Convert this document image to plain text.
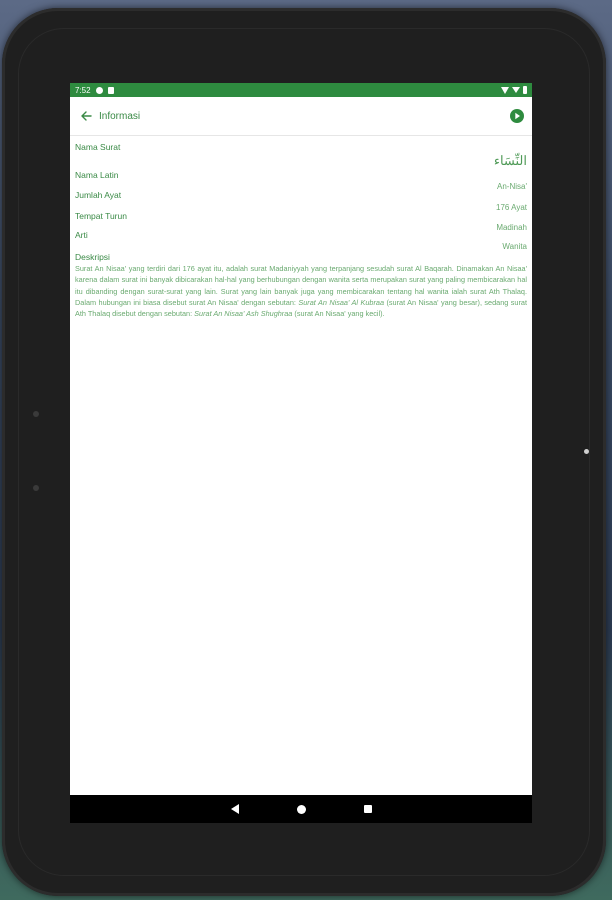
7:52
Informasi
Nama Surat
النِّسَاء
Nama Latin
An-Nisa'
Jumlah Ayat
176 Ayat
Tempat Turun
Madinah
Arti
Wanita
Deskripsi
Surat An Nisaa' yang terdiri dari 176 ayat itu, adalah surat Madaniyyah yang terpanjang sesudah surat Al Baqarah. Dinamakan An Nisaa' karena dalam surat ini banyak dibicarakan hal-hal yang berhubungan dengan wanita serta merupakan surat yang paling membicarakan hal itu dibanding dengan surat-surat yang lain. Surat yang lain banyak juga yang membicarakan tentang hal wanita ialah surat Ath Thalaq. Dalam hubungan ini biasa disebut surat An Nisaa' dengan sebutan: Surat An Nisaa' Al Kubraa (surat An Nisaa' yang besar), sedang surat Ath Thalaq disebut dengan sebutan: Surat An Nisaa' Ash Shughraa (surat An Nisaa' yang kecil).
